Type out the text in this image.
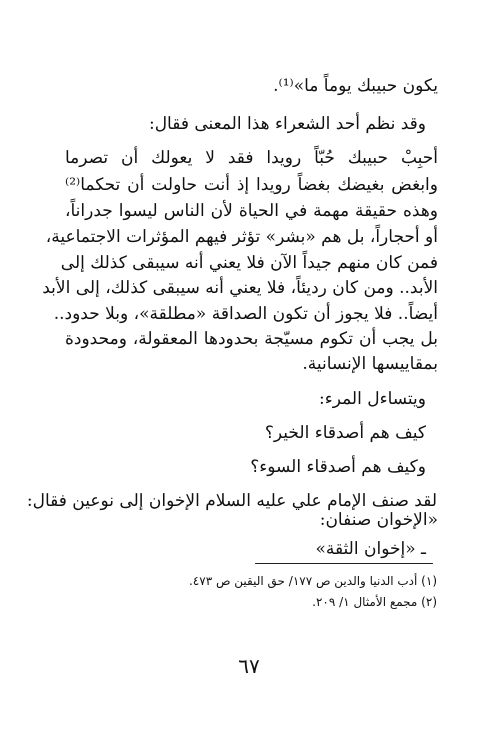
يكون حبيبك يوماً ما»⁽¹⁾.
وقد نظم أحد الشعراء هذا المعنى فقال:
أحبِبْ حبيبك حُبّاً رويدا فقد لا يعولك أن تصرما
وابغض بغيضك بغضاً رويدا إذ أنت حاولت أن تحكما⁽²⁾
وهذه حقيقة مهمة في الحياة لأن الناس ليسوا جدراناً،
أو أحجاراً، بل هم «بشر» تؤثر فيهم المؤثرات الاجتماعية،
فمن كان منهم جيداً الآن فلا يعني أنه سيبقى كذلك إلى
الأبد.. ومن كان رديئاً، فلا يعني أنه سيبقى كذلك، إلى الأبد
أيضاً.. فلا يجوز أن تكون الصداقة «مطلقة»، وبلا حدود..
بل يجب أن تكوم مسيّجة بحدودها المعقولة، ومحدودة
بمقاييسها الإنسانية.
ويتساءل المرء:
كيف هم أصدقاء الخير؟
وكيف هم أصدقاء السوء؟
لقد صنف الإمام علي عليه السلام الإخوان إلى نوعين فقال:
«الإخوان صنفان:
ـ «إخوان الثقة»
(١) أدب الدنيا والدين ص ١٧٧/ حق اليقين ص ٤٧٣.
(٢) مجمع الأمثال ١/ ٢٠٩.
٦٧
